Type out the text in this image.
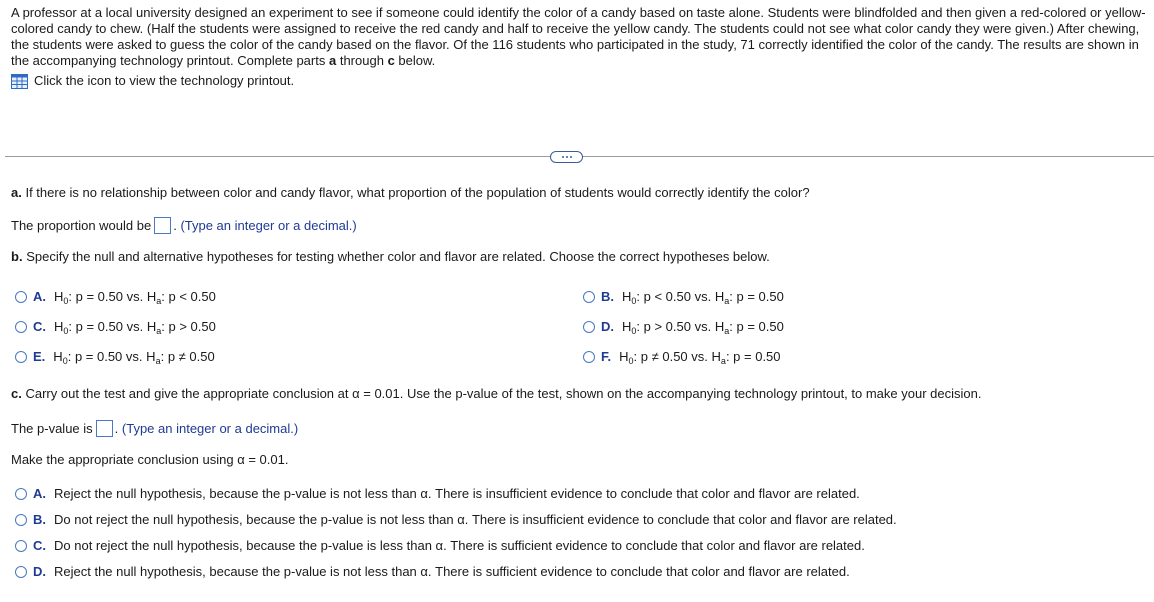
A professor at a local university designed an experiment to see if someone could identify the color of a candy based on taste alone. Students were blindfolded and then given a red-colored or yellow-colored candy to chew. (Half the students were assigned to receive the red candy and half to receive the yellow candy. The students could not see what color candy they were given.) After chewing, the students were asked to guess the color of the candy based on the flavor. Of the 116 students who participated in the study, 71 correctly identified the color of the candy. The results are shown in the accompanying technology printout. Complete parts a through c below.

Click the icon to view the technology printout.
a. If there is no relationship between color and candy flavor, what proportion of the population of students would correctly identify the color?
The proportion would be . (Type an integer or a decimal.)
b. Specify the null and alternative hypotheses for testing whether color and flavor are related. Choose the correct hypotheses below.
A. $H_0$: p = 0.50 vs. $H_a$: p < 0.50	B. $H_0$: p < 0.50 vs. $H_a$: p = 0.50
C. $H_0$: p = 0.50 vs. $H_a$: p > 0.50	D. $H_0$: p > 0.50 vs. $H_a$: p = 0.50
E. $H_0$: p = 0.50 vs. $H_a$: p ≠ 0.50	F. $H_0$: p ≠ 0.50 vs. $H_a$: p = 0.50
c. Carry out the test and give the appropriate conclusion at α = 0.01. Use the p-value of the test, shown on the accompanying technology printout, to make your decision.
The p-value is . (Type an integer or a decimal.)
Make the appropriate conclusion using α = 0.01.
A. Reject the null hypothesis, because the p-value is not less than α. There is insufficient evidence to conclude that color and flavor are related.
B. Do not reject the null hypothesis, because the p-value is not less than α. There is insufficient evidence to conclude that color and flavor are related.
C. Do not reject the null hypothesis, because the p-value is less than α. There is sufficient evidence to conclude that color and flavor are related.
D. Reject the null hypothesis, because the p-value is not less than α. There is sufficient evidence to conclude that color and flavor are related.
